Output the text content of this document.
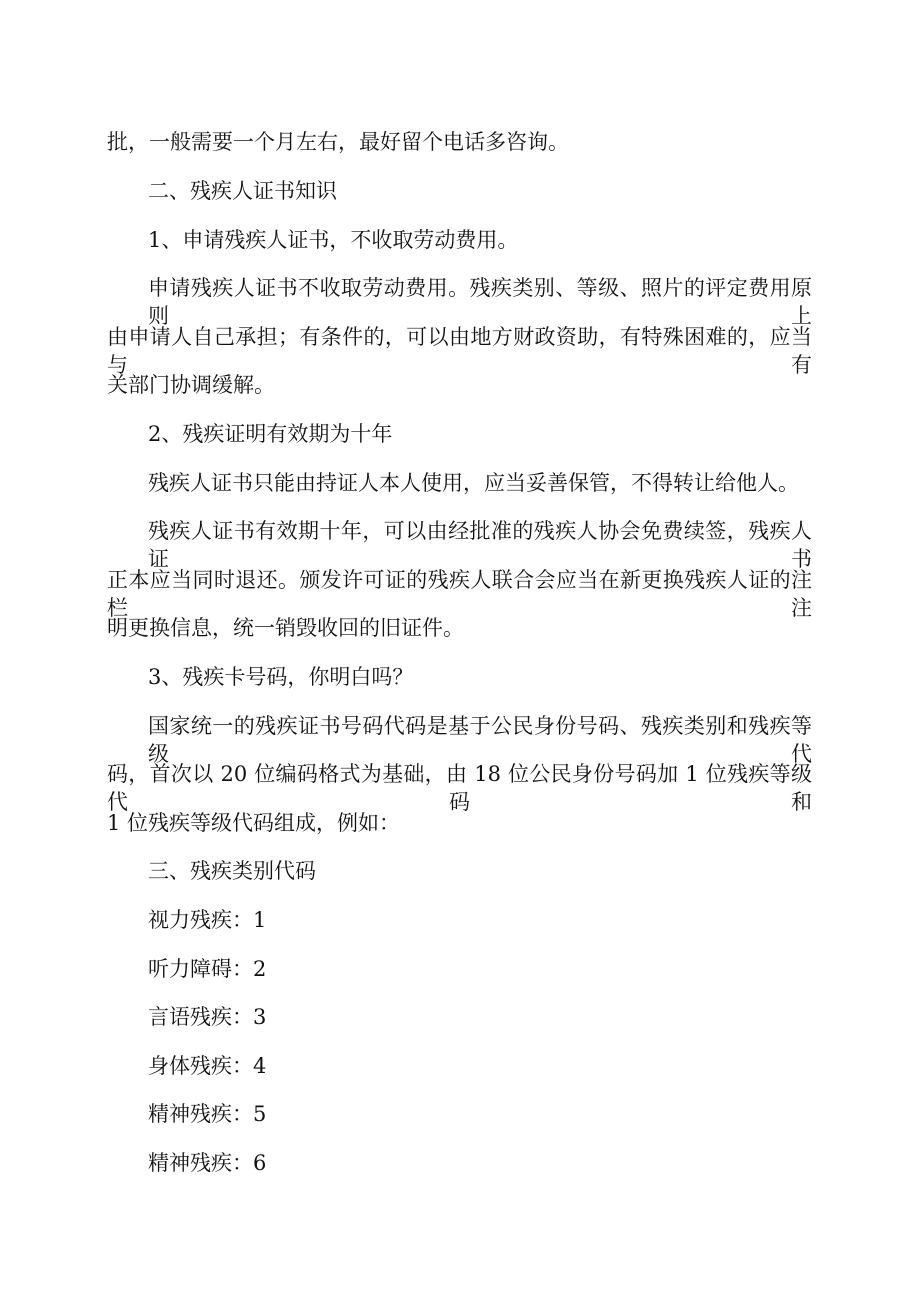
批，一般需要一个月左右，最好留个电话多咨询。
二、残疾人证书知识
1、申请残疾人证书，不收取劳动费用。
申请残疾人证书不收取劳动费用。残疾类别、等级、照片的评定费用原则上
由申请人自己承担；有条件的，可以由地方财政资助，有特殊困难的，应当与有
关部门协调缓解。
2、残疾证明有效期为十年
残疾人证书只能由持证人本人使用，应当妥善保管，不得转让给他人。
残疾人证书有效期十年，可以由经批准的残疾人协会免费续签，残疾人证书
正本应当同时退还。颁发许可证的残疾人联合会应当在新更换残疾人证的注栏注
明更换信息，统一销毁收回的旧证件。
3、残疾卡号码，你明白吗？
国家统一的残疾证书号码代码是基于公民身份号码、残疾类别和残疾等级代
码，首次以 20 位编码格式为基础，由 18 位公民身份号码加 1 位残疾等级代码和
1 位残疾等级代码组成，例如：
三、残疾类别代码
视力残疾：1
听力障碍：2
言语残疾：3
身体残疾：4
精神残疾：5
精神残疾：6
